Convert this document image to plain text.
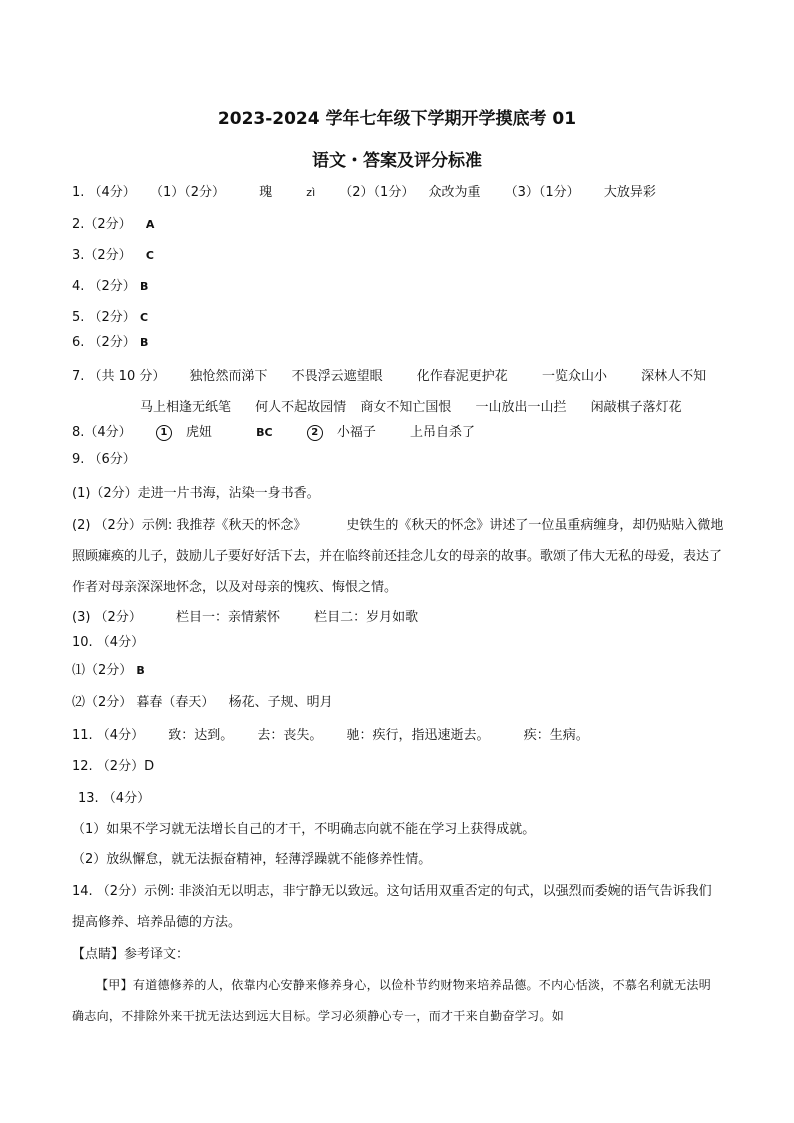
2023-2024 学年七年级下学期开学摸底考 01
语文・答案及评分标准
1. （4分） （1）（2分）	瑰	zì （2）（1分） 众改为重 （3）（1分） 大放异彩
2.（2分） A
3.（2分） C
4. （2分） B
5. （2分） C
6. （2分） B
7. （共 10 分） 独怆然而涕下 不畏浮云遮望眼	化作春泥更护花	一览众山小	深林人不知
马上相逢无纸笔 何人不起故园情 商女不知亡国恨 一山放出一山拦 闲敲棋子落灯花
8.（4分）	1 虎妞	BC	2 小福子	上吊自杀了
9. （6分）
(1)（2分）走进一片书海，沾染一身书香。
(2) （2分）示例: 我推荐《秋天的怀念》	史铁生的《秋天的怀念》讲述了一位虽重病缠身，却仍贴贴入微地照顾瘫痪的儿子，鼓励儿子要好好活下去，并在临终前还挂念儿女的母亲的故事。歌颂了伟大无私的母爱，表达了作者对母亲深深地怀念，以及对母亲的愧疚、悔恨之情。
(3) （2分）	栏目一：亲情萦怀	栏目二：岁月如歌
10. （4分）
⑴（2分） B
⑵（2分） 暮春（春天） 杨花、子规、明月
11. （4分） 致：达到。 去：丧失。 驰：疾行，指迅速逝去。	疾：生病。
12. （2分）D
13. （4分）
（1）如果不学习就无法增长自己的才干，不明确志向就不能在学习上获得成就。
（2）放纵懈怠，就无法振奋精神，轻薄浮躁就不能修养性情。
14. （2分）示例: 非淡泊无以明志，非宁静无以致远。这句话用双重否定的句式，以强烈而委婉的语气告诉我们提高修养、培养品德的方法。
【点睛】参考译文：
【甲】有道德修养的人，依靠内心安静来修养身心，以俭朴节约财物来培养品德。不内心恬淡，不慕名利就无法明确志向，不排除外来干扰无法达到远大目标。学习必须静心专一，而才干来自勤奋学习。如
